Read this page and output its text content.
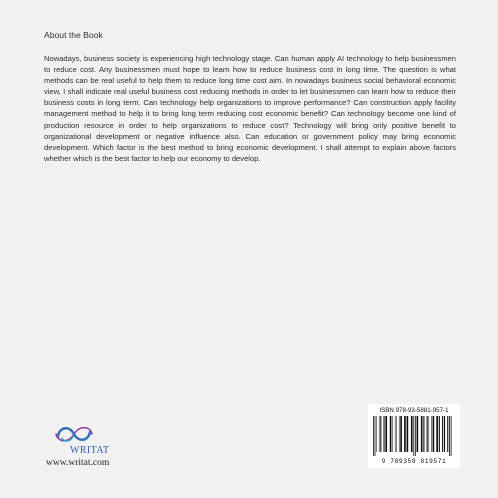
About the Book
Nowadays, business society is experiencing high technology stage. Can human apply AI technology to help businessmen to reduce cost. Any businessmen must hope to learn how to reduce business cost in long time. The question is what methods can be real useful to help them to reduce long time cost aim. In nowadays business social behavioral economic view, I shall indicate real useful business cost reducing methods in order to let businessmen can learn how to reduce their business costs in long term. Can technology help organizations to improve performance? Can construction apply facility management method to help it to bring long term reducing cost economic benefit? Can technology become one kind of production resource in order to help organizations to reduce cost? Technology will bring only positive benefit to organizational development or negative influence also. Can education or government policy may bring economic development. Which factor is the best method to bring economic development. I shall attempt to explain above factors whether which is the best factor to help our economy to develop.
WRITAT
www.writat.com
ISBN 978-93-5881-957-1
9 789358 819571
